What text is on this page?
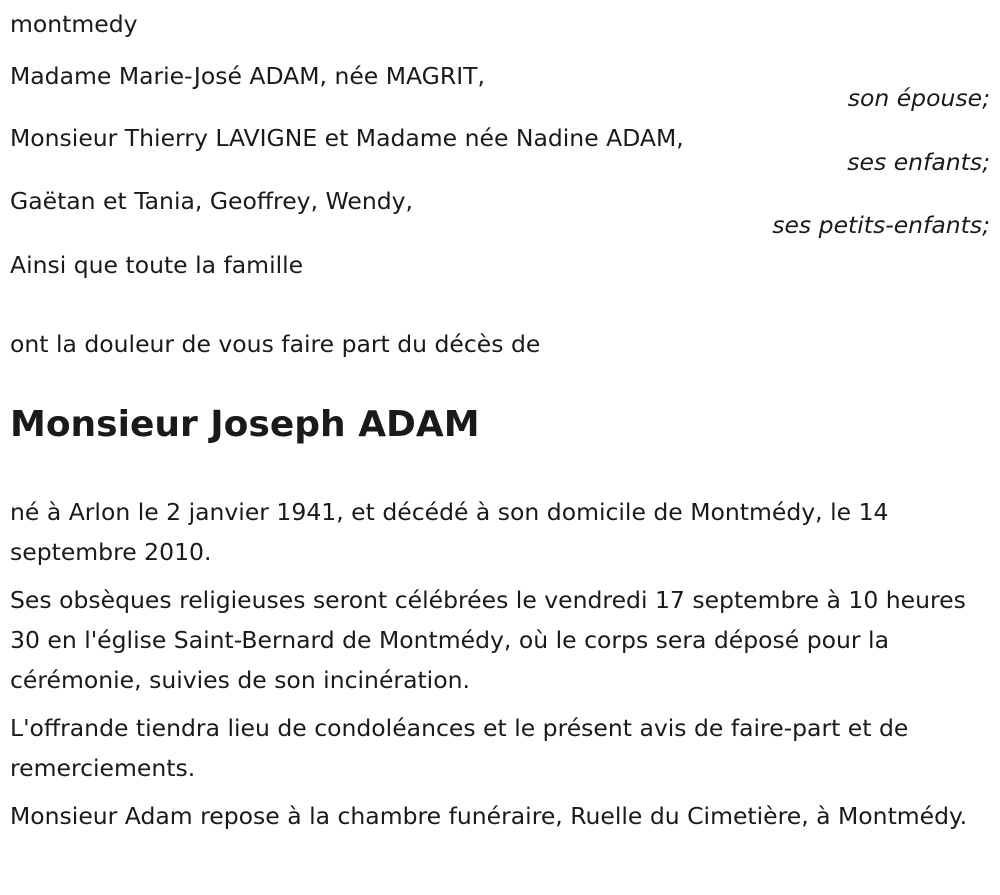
montmedy
Madame Marie-José ADAM, née MAGRIT,
son épouse;
Monsieur Thierry LAVIGNE et Madame née Nadine ADAM,
ses enfants;
Gaëtan et Tania, Geoffrey, Wendy,
ses petits-enfants;
Ainsi que toute la famille
ont la douleur de vous faire part du décès de
Monsieur Joseph ADAM

né à Arlon le 2 janvier 1941, et décédé à son domicile de Montmédy, le 14 septembre 2010.

Ses obsèques religieuses seront célébrées le vendredi 17 septembre à 10 heures 30 en l'église Saint-Bernard de Montmédy, où le corps sera déposé pour la cérémonie, suivies de son incinération.

L'offrande tiendra lieu de condoléances et le présent avis de faire-part et de remerciements.

Monsieur Adam repose à la chambre funéraire, Ruelle du Cimetière, à Montmédy.
